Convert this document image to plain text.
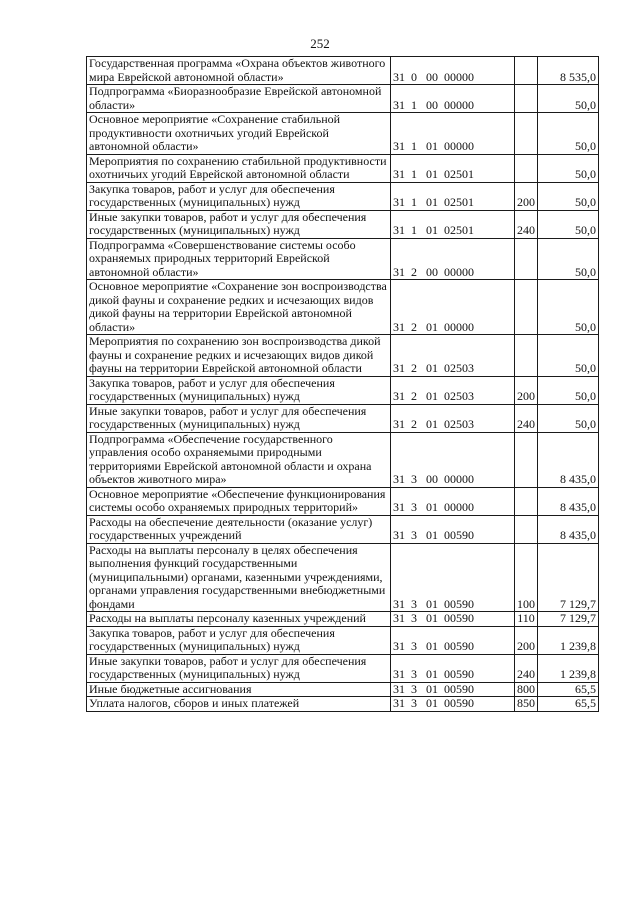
252
Государственная программа «Охрана объектов животного мира Еврейской автономной области»	31  0   00  00000		8 535,0
Подпрограмма «Биоразнообразие Еврейской автономной области»	31  1   00  00000		50,0
Основное мероприятие «Сохранение стабильной продуктивности охотничьих угодий Еврейской автономной области»	31  1   01  00000		50,0
Мероприятия по сохранению стабильной продуктивности охотничьих угодий Еврейской автономной области	31  1   01  02501		50,0
Закупка товаров, работ и услуг для обеспечения государственных (муниципальных) нужд	31  1   01  02501	200	50,0
Иные закупки товаров, работ и услуг для обеспечения государственных (муниципальных) нужд	31  1   01  02501	240	50,0
Подпрограмма «Совершенствование системы особо охраняемых природных территорий Еврейской автономной области»	31  2   00  00000		50,0
Основное мероприятие «Сохранение зон воспроизводства дикой фауны и сохранение редких и исчезающих видов дикой фауны на территории Еврейской автономной области»	31  2   01  00000		50,0
Мероприятия по сохранению зон воспроизводства дикой фауны и сохранение редких и исчезающих видов дикой фауны на территории Еврейской автономной области	31  2   01  02503		50,0
Закупка товаров, работ и услуг для обеспечения государственных (муниципальных) нужд	31  2   01  02503	200	50,0
Иные закупки товаров, работ и услуг для обеспечения государственных (муниципальных) нужд	31  2   01  02503	240	50,0
Подпрограмма «Обеспечение государственного управления особо охраняемыми природными территориями Еврейской автономной области и охрана объектов животного мира»	31  3   00  00000		8 435,0
Основное мероприятие «Обеспечение функционирования системы особо охраняемых природных территорий»	31  3   01  00000		8 435,0
Расходы на обеспечение деятельности (оказание услуг) государственных учреждений	31  3   01  00590		8 435,0
Расходы на выплаты персоналу в целях обеспечения выполнения функций государственными (муниципальными) органами, казенными учреждениями, органами управления государственными внебюджетными фондами	31  3   01  00590	100	7 129,7
Расходы на выплаты персоналу казенных учреждений	31  3   01  00590	110	7 129,7
Закупка товаров, работ и услуг для обеспечения государственных (муниципальных) нужд	31  3   01  00590	200	1 239,8
Иные закупки товаров, работ и услуг для обеспечения государственных (муниципальных) нужд	31  3   01  00590	240	1 239,8
Иные бюджетные ассигнования	31  3   01  00590	800	65,5
Уплата налогов, сборов и иных платежей	31  3   01  00590	850	65,5
